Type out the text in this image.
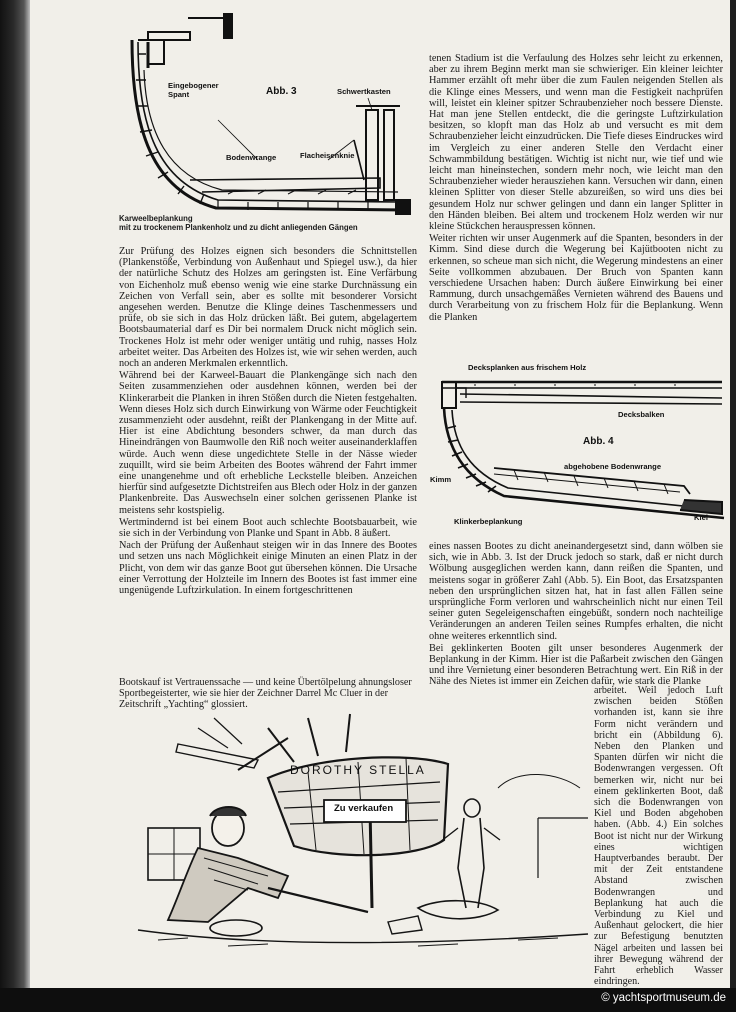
Eingebogener
Spant	Abb. 3	Schwertkasten
Bodenwrange	Flacheisenknie
Karweelbeplankung
mit zu trockenem Plankenholz und zu dicht anliegenden Gängen

Zur Prüfung des Holzes eignen sich besonders die Schnittstellen (Plankenstöße, Verbindung von Außenhaut und Spiegel usw.), da hier der natürliche Schutz des Holzes am geringsten ist. Eine Verfärbung von Eichenholz muß ebenso wenig wie eine starke Durchnässung ein Zeichen von Verfall sein, aber es sollte mit besonderer Vorsicht angesehen werden. Benutze die Klinge deines Taschenmessers und prüfe, ob sie sich in das Holz drücken läßt. Bei gutem, abgelagertem Bootsbaumaterial darf es Dir bei normalem Druck nicht möglich sein. Trockenes Holz ist mehr oder weniger untätig und ruhig, nasses Holz arbeitet weiter. Das Arbeiten des Holzes ist, wie wir sehen werden, auch noch an anderen Merkmalen erkenntlich.

Während bei der Karweel-Bauart die Plankengänge sich nach den Seiten zusammenziehen oder ausdehnen können, werden bei der Klinkerarbeit die Planken in ihren Stößen durch die Nieten festgehalten. Wenn dieses Holz sich durch Einwirkung von Wärme oder Feuchtigkeit zusammenzieht oder ausdehnt, reißt der Plankengang in der Mitte auf. Hier ist eine Abdichtung besonders schwer, da man durch das Hineindrängen von Baumwolle den Riß noch weiter auseinanderklaffen würde. Auch wenn diese ungedichtete Stelle in der Nässe wieder zuquillt, wird sie beim Arbeiten des Bootes während der Fahrt immer eine unangenehme und oft erhebliche Leckstelle bleiben. Anzeichen hierfür sind aufgesetzte Dichtstreifen aus Blech oder Holz in der ganzen Plankenbreite. Das Auswechseln einer solchen gerissenen Planke ist meistens sehr kostspielig.

Wertmindernd ist bei einem Boot auch schlechte Bootsbauarbeit, wie sie sich in der Verbindung von Planke und Spant in Abb. 8 äußert.

Nach der Prüfung der Außenhaut steigen wir in das Innere des Bootes und setzen uns nach Möglichkeit einige Minuten an einen Platz in der Plicht, von dem wir das ganze Boot gut übersehen können. Die Ursache einer Verrottung der Holzteile im Innern des Bootes ist fast immer eine ungenügende Luftzirkulation. In einem fortgeschrittenen

tenen Stadium ist die Verfaulung des Holzes sehr leicht zu erkennen, aber zu ihrem Beginn merkt man sie schwieriger. Ein kleiner leichter Hammer erzählt oft mehr über die zum Faulen neigenden Stellen als die Klinge eines Messers, und wenn man die Festigkeit nachprüfen will, leistet ein kleiner spitzer Schraubenzieher noch bessere Dienste. Hat man jene Stellen entdeckt, die die geringste Luftzirkulation besitzen, so klopft man das Holz ab und versucht es mit dem Schraubenzieher leicht einzudrücken. Die Tiefe dieses Eindruckes wird im Vergleich zu einer anderen Stelle den Verdacht einer Schwammbildung bestätigen. Wichtig ist nicht nur, wie tief und wie leicht man hineinstechen, sondern mehr noch, wie leicht man den Schraubenzieher wieder herausziehen kann. Versuchen wir dann, einen kleinen Splitter von dieser Stelle abzureißen, so wird uns dies bei gesundem Holz nur schwer gelingen und dann ein langer Splitter in den Händen bleiben. Bei altem und trockenem Holz werden wir nur kleine Stückchen herauspressen können.

Weiter richten wir unser Augenmerk auf die Spanten, besonders in der Kimm. Sind diese durch die Wegerung bei Kajütbooten nicht zu erkennen, so scheue man sich nicht, die Wegerung mindestens an einer Seite vollkommen abzubauen. Der Bruch von Spanten kann verschiedene Ursachen haben: Durch äußere Einwirkung bei einer Rammung, durch unsachgemäßes Vernieten während des Bauens und durch Verarbeitung von zu frischem Holz für die Beplankung. Wenn die Planken

Decksplanken aus frischem Holz
Decksbalken
Abb. 4
abgehobene Bodenwrange
Kimm
Klinkerbeplankung	Kiel

eines nassen Bootes zu dicht aneinandergesetzt sind, dann wölben sie sich, wie in Abb. 3. Ist der Druck jedoch so stark, daß er nicht durch Wölbung ausgeglichen werden kann, dann reißen die Spanten, und meistens sogar in größerer Zahl (Abb. 5). Ein Boot, das Ersatzspanten neben den ursprünglichen sitzen hat, hat in fast allen Fällen seine ursprüngliche Form verloren und wahrscheinlich nicht nur einen Teil seiner guten Segeleigenschaften eingebüßt, sondern noch nachteilige Veränderungen an anderen Teilen seines Rumpfes erhalten, die nicht ohne weiteres erkenntlich sind.

Bei geklinkerten Booten gilt unser besonderes Augenmerk der Beplankung in der Kimm. Hier ist die Paßarbeit zwischen den Gängen und ihre Vernietung einer besonderen Betrachtung wert. Ein Riß in der Nähe des Nietes ist immer ein Zeichen dafür, wie stark die Planke

Bootskauf ist Vertrauenssache — und keine Übertölpelung ahnungsloser Sportbegeisterter, wie sie hier der Zeichner Darrel Mc Cluer in der Zeitschrift „Yachting“ glossiert.
DOROTHY STELLA
Zu verkaufen

arbeitet. Weil jedoch Luft zwischen beiden Stößen vorhanden ist, kann sie ihre Form nicht verändern und bricht ein (Abbildung 6). Neben den Planken und Spanten dürfen wir nicht die Bodenwrangen vergessen. Oft bemerken wir, nicht nur bei einem geklinkerten Boot, daß sich die Bodenwrangen von Kiel und Boden abgehoben haben. (Abb. 4.) Ein solches Boot ist nicht nur der Wirkung eines wichtigen Hauptverbandes beraubt. Der mit der Zeit entstandene Abstand zwischen Bodenwrangen und Beplankung hat auch die Verbindung zu Kiel und Außenhaut gelockert, die hier zur Befestigung benutzten Nägel arbeiten und lassen bei ihrer Bewegung während der Fahrt erheblich Wasser eindringen.

© yachtsportmuseum.de
